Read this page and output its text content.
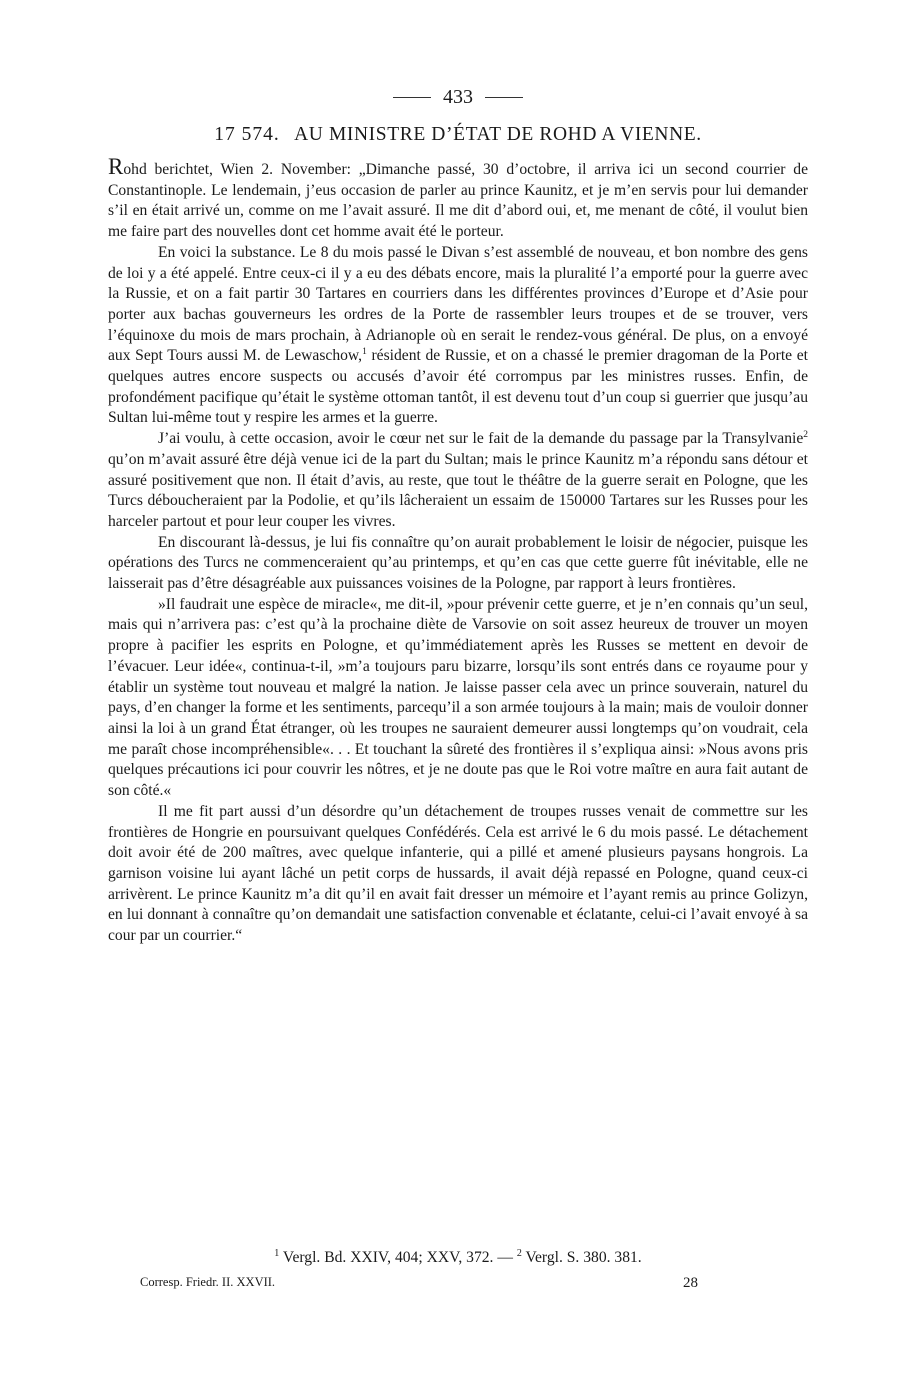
433
17 574. AU MINISTRE D’ÉTAT DE ROHD A VIENNE.

Rohd berichtet, Wien 2. November: „Dimanche passé, 30 d’octobre, il arriva ici un second courrier de Constantinople. Le lendemain, j’eus occasion de parler au prince Kaunitz, et je m’en servis pour lui demander s’il en était arrivé un, comme on me l’avait assuré. Il me dit d’abord oui, et, me menant de côté, il voulut bien me faire part des nouvelles dont cet homme avait été le porteur.

En voici la substance. Le 8 du mois passé le Divan s’est assemblé de nouveau, et bon nombre des gens de loi y a été appelé. Entre ceux-ci il y a eu des débats encore, mais la pluralité l’a emporté pour la guerre avec la Russie, et on a fait partir 30 Tartares en courriers dans les différentes provinces d’Europe et d’Asie pour porter aux bachas gouverneurs les ordres de la Porte de rassembler leurs troupes et de se trouver, vers l’équinoxe du mois de mars prochain, à Adrianople où en serait le rendez-vous général. De plus, on a envoyé aux Sept Tours aussi M. de Lewaschow,$^1$ résident de Russie, et on a chassé le premier dragoman de la Porte et quelques autres encore suspects ou accusés d’avoir été corrompus par les ministres russes. Enfin, de profondément pacifique qu’était le système ottoman tantôt, il est devenu tout d’un coup si guerrier que jusqu’au Sultan lui-même tout y respire les armes et la guerre.

J’ai voulu, à cette occasion, avoir le cœur net sur le fait de la demande du passage par la Transylvanie$^2$ qu’on m’avait assuré être déjà venue ici de la part du Sultan; mais le prince Kaunitz m’a répondu sans détour et assuré positivement que non. Il était d’avis, au reste, que tout le théâtre de la guerre serait en Pologne, que les Turcs déboucheraient par la Podolie, et qu’ils lâcheraient un essaim de 150000 Tartares sur les Russes pour les harceler partout et pour leur couper les vivres.

En discourant là-dessus, je lui fis connaître qu’on aurait probablement le loisir de négocier, puisque les opérations des Turcs ne commenceraient qu’au printemps, et qu’en cas que cette guerre fût inévitable, elle ne laisserait pas d’être désagréable aux puissances voisines de la Pologne, par rapport à leurs frontières.

»Il faudrait une espèce de miracle«, me dit-il, »pour prévenir cette guerre, et je n’en connais qu’un seul, mais qui n’arrivera pas: c’est qu’à la prochaine diète de Varsovie on soit assez heureux de trouver un moyen propre à pacifier les esprits en Pologne, et qu’immédiatement après les Russes se mettent en devoir de l’évacuer. Leur idée«, continua-t-il, »m’a toujours paru bizarre, lorsqu’ils sont entrés dans ce royaume pour y établir un système tout nouveau et malgré la nation. Je laisse passer cela avec un prince souverain, naturel du pays, d’en changer la forme et les sentiments, parcequ’il a son armée toujours à la main; mais de vouloir donner ainsi la loi à un grand État étranger, où les troupes ne sauraient demeurer aussi longtemps qu’on voudrait, cela me paraît chose incompréhensible«. . . Et touchant la sûreté des frontières il s’expliqua ainsi: »Nous avons pris quelques précautions ici pour couvrir les nôtres, et je ne doute pas que le Roi votre maître en aura fait autant de son côté.«

Il me fit part aussi d’un désordre qu’un détachement de troupes russes venait de commettre sur les frontières de Hongrie en poursuivant quelques Confédérés. Cela est arrivé le 6 du mois passé. Le détachement doit avoir été de 200 maîtres, avec quelque infanterie, qui a pillé et amené plusieurs paysans hongrois. La garnison voisine lui ayant lâché un petit corps de hussards, il avait déjà repassé en Pologne, quand ceux-ci arrivèrent. Le prince Kaunitz m’a dit qu’il en avait fait dresser un mémoire et l’ayant remis au prince Golizyn, en lui donnant à connaître qu’on demandait une satisfaction convenable et éclatante, celui-ci l’avait envoyé à sa cour par un courrier.“

$^1$ Vergl. Bd. XXIV, 404; XXV, 372. — $^2$ Vergl. S. 380. 381.
Corresp. Friedr. II. XXVII.	28
